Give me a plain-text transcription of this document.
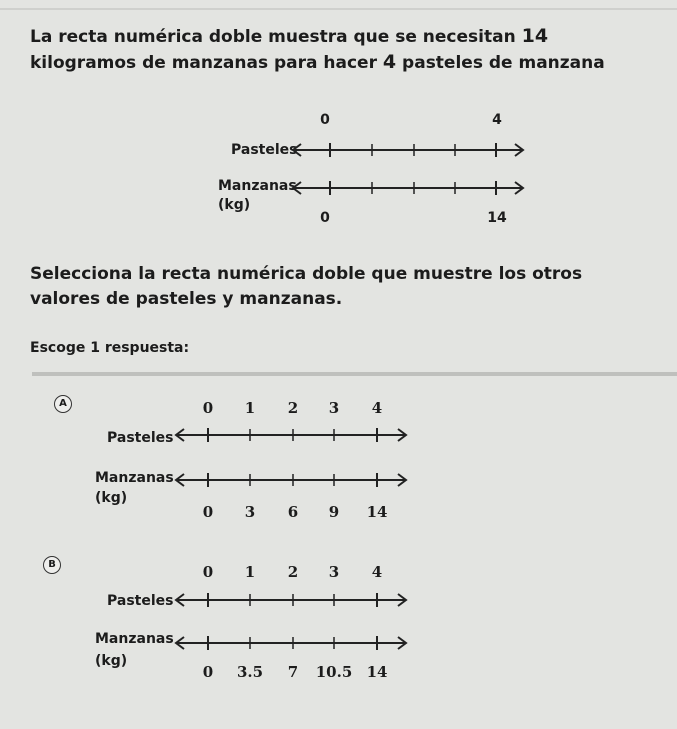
La recta numérica doble muestra que se necesitan 14 kilogramos de manzanas para hacer 4 pasteles de manzana
0	4
Pasteles
Manzanas
(kg)
0	14
Selecciona la recta numérica doble que muestre los otros valores de pasteles y manzanas.
Escoge 1 respuesta:
A	0	1	2	3	4
Pasteles
Manzanas
(kg)
0	3	6	9	14
B	0	1	2	3	4
Pasteles
Manzanas
(kg)
0	3.5	7	10.5 14
